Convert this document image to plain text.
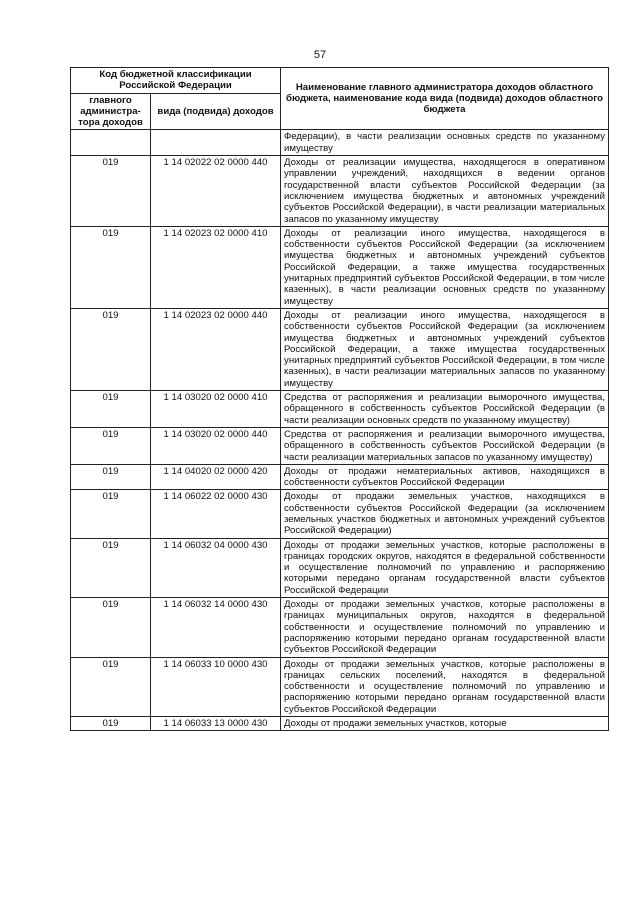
57
Код бюджетной классификации Российской Федерации		Наименование главного администратора доходов областного бюджета, наименование кода вида (подвида) доходов областного бюджета
главного администра-тора доходов	вида (подвида) доходов	
		Федерации), в части реализации основных средств по указанному имуществу
019	1 14 02022 02 0000 440	Доходы от реализации имущества, находящегося в оперативном управлении учреждений, находящихся в ведении органов государственной власти субъектов Российской Федерации (за исключением имущества бюджетных и автономных учреждений субъектов Российской Федерации), в части реализации материальных запасов по указанному имуществу
019	1 14 02023 02 0000 410	Доходы от реализации иного имущества, находящегося в собственности субъектов Российской Федерации (за исключением имущества бюджетных и автономных учреждений субъектов Российской Федерации, а также имущества государственных унитарных предприятий субъектов Российской Федерации, в том числе казенных), в части реализации основных средств по указанному имуществу
019	1 14 02023 02 0000 440	Доходы от реализации иного имущества, находящегося в собственности субъектов Российской Федерации (за исключением имущества бюджетных и автономных учреждений субъектов Российской Федерации, а также имущества государственных унитарных предприятий субъектов Российской Федерации, в том числе казенных), в части реализации материальных запасов по указанному имуществу
019	1 14 03020 02 0000 410	Средства от распоряжения и реализации выморочного имущества, обращенного в собственность субъектов Российской Федерации (в части реализации основных средств по указанному имуществу)
019	1 14 03020 02 0000 440	Средства от распоряжения и реализации выморочного имущества, обращенного в собственность субъектов Российской Федерации (в части реализации материальных запасов по указанному имуществу)
019	1 14 04020 02 0000 420	Доходы от продажи нематериальных активов, находящихся в собственности субъектов Российской Федерации
019	1 14 06022 02 0000 430	Доходы от продажи земельных участков, находящихся в собственности субъектов Российской Федерации (за исключением земельных участков бюджетных и автономных учреждений субъектов Российской Федерации)
019	1 14 06032 04 0000 430	Доходы от продажи земельных участков, которые расположены в границах городских округов, находятся в федеральной собственности и осуществление полномочий по управлению и распоряжению которыми передано органам государственной власти субъектов Российской Федерации
019	1 14 06032 14 0000 430	Доходы от продажи земельных участков, которые расположены в границах муниципальных округов, находятся в федеральной собственности и осуществление полномочий по управлению и распоряжению которыми передано органам государственной власти субъектов Российской Федерации
019	1 14 06033 10 0000 430	Доходы от продажи земельных участков, которые расположены в границах сельских поселений, находятся в федеральной собственности и осуществление полномочий по управлению и распоряжению которыми передано органам государственной власти субъектов Российской Федерации
019	1 14 06033 13 0000 430	Доходы от продажи земельных участков, которые
